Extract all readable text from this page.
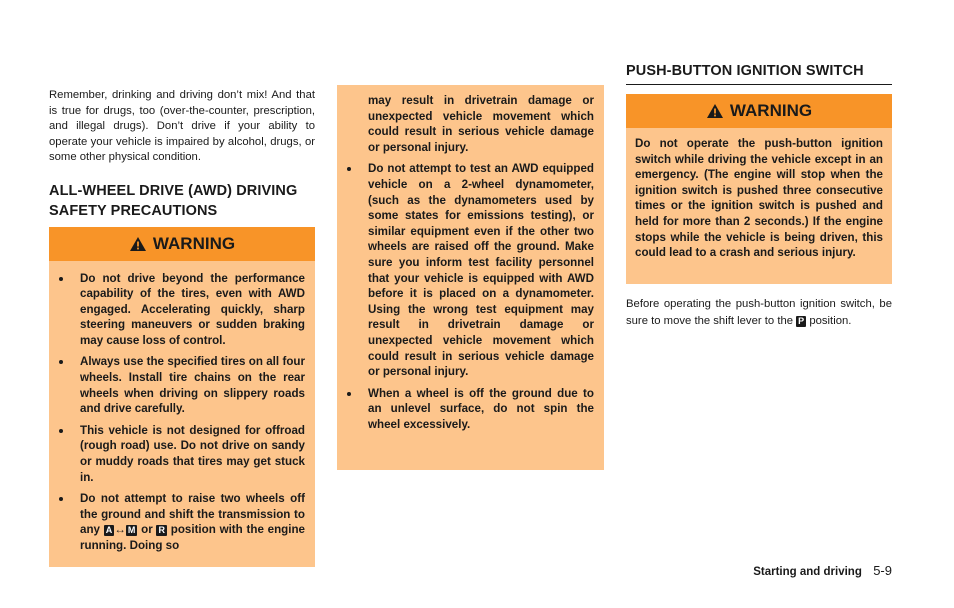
Remember, drinking and driving don’t mix! And that is true for drugs, too (over-the-counter, prescription, and illegal drugs). Don’t drive if your ability to operate your vehicle is impaired by alcohol, drugs, or some other physical condition.

ALL-WHEEL DRIVE (AWD) DRIVING

SAFETY PRECAUTIONS

WARNING

Do not drive beyond the performance capability of the tires, even with AWD engaged. Accelerating quickly, sharp steering maneuvers or sudden braking may cause loss of control.

Always use the specified tires on all four wheels. Install tire chains on the rear wheels when driving on slippery roads and drive carefully.

This vehicle is not designed for offroad (rough road) use. Do not drive on sandy or muddy roads that tires may get stuck in.

Do not attempt to raise two wheels off the ground and shift the transmission to any A ↔ M or R position with the engine running. Doing so

may result in drivetrain damage or unexpected vehicle movement which could result in serious vehicle damage or personal injury.

Do not attempt to test an AWD equipped vehicle on a 2-wheel dynamometer, (such as the dynamometers used by some states for emissions testing), or similar equipment even if the other two wheels are raised off the ground. Make sure you inform test facility personnel that your vehicle is equipped with AWD before it is placed on a dynamometer. Using the wrong test equipment may result in drivetrain damage or unexpected vehicle movement which could result in serious vehicle damage or personal injury.

When a wheel is off the ground due to an unlevel surface, do not spin the wheel excessively.

PUSH-BUTTON IGNITION SWITCH

WARNING

Do not operate the push-button ignition switch while driving the vehicle except in an emergency. (The engine will stop when the ignition switch is pushed three consecutive times or the ignition switch is pushed and held for more than 2 seconds.) If the engine stops while the vehicle is being driven, this could lead to a crash and serious injury.

Before operating the push-button ignition switch, be sure to move the shift lever to the P position.

Starting and driving 5-9
